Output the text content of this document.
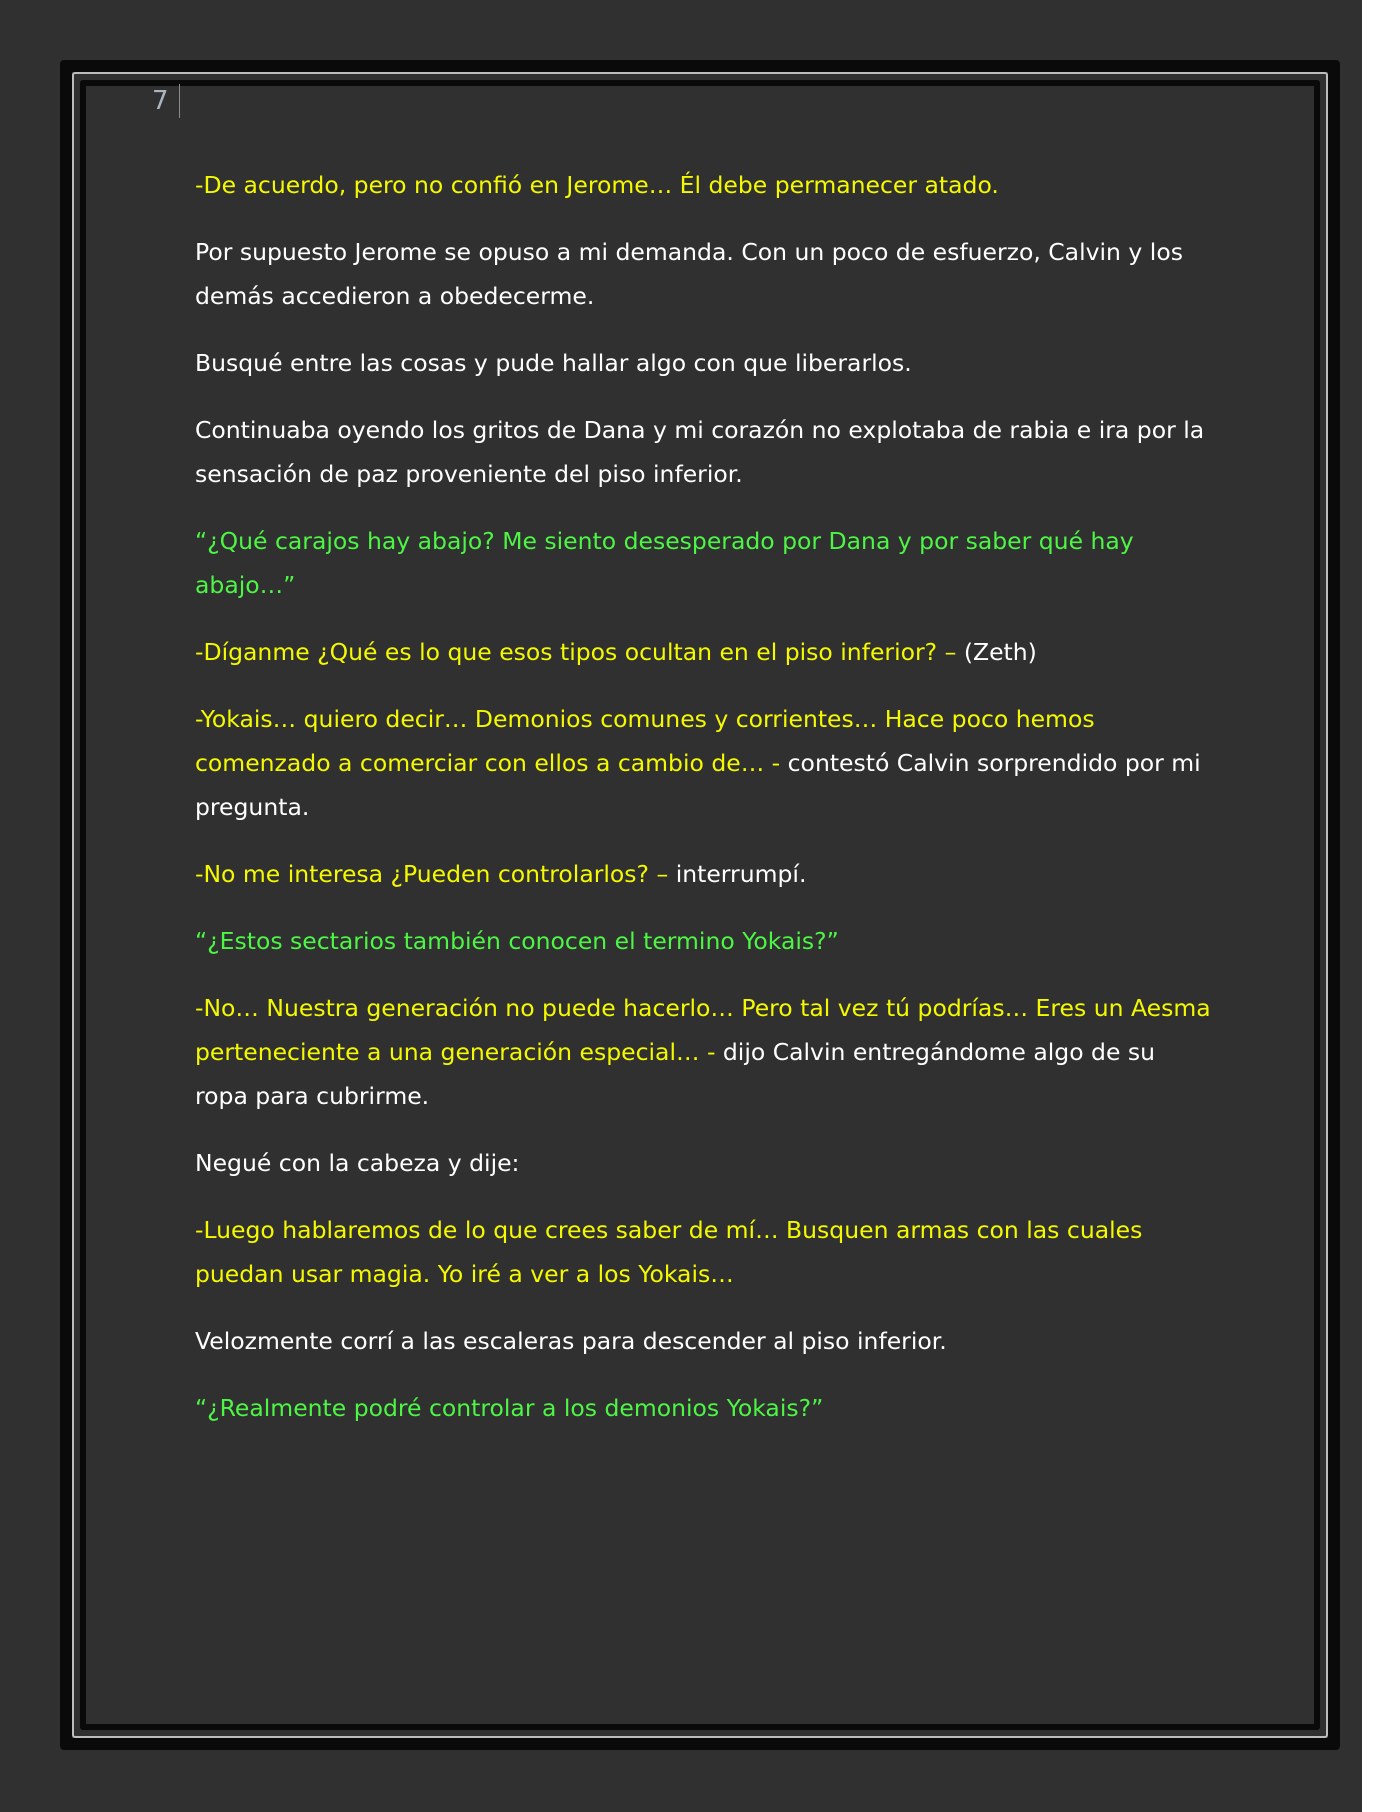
7

-De acuerdo, pero no confió en Jerome… Él debe permanecer atado.

Por supuesto Jerome se opuso a mi demanda. Con un poco de esfuerzo, Calvin y los demás accedieron a obedecerme.

Busqué entre las cosas y pude hallar algo con que liberarlos.

Continuaba oyendo los gritos de Dana y mi corazón no explotaba de rabia e ira por la sensación de paz proveniente del piso inferior.

“¿Qué carajos hay abajo? Me siento desesperado por Dana y por saber qué hay abajo…”

-Díganme ¿Qué es lo que esos tipos ocultan en el piso inferior? – (Zeth)

-Yokais… quiero decir… Demonios comunes y corrientes… Hace poco hemos comenzado a comerciar con ellos a cambio de… - contestó Calvin sorprendido por mi pregunta.

-No me interesa ¿Pueden controlarlos? – interrumpí.

“¿Estos sectarios también conocen el termino Yokais?”

-No… Nuestra generación no puede hacerlo… Pero tal vez tú podrías… Eres un Aesma perteneciente a una generación especial… - dijo Calvin entregándome algo de su ropa para cubrirme.

Negué con la cabeza y dije:

-Luego hablaremos de lo que crees saber de mí… Busquen armas con las cuales puedan usar magia. Yo iré a ver a los Yokais…

Velozmente corrí a las escaleras para descender al piso inferior.

“¿Realmente podré controlar a los demonios Yokais?”
